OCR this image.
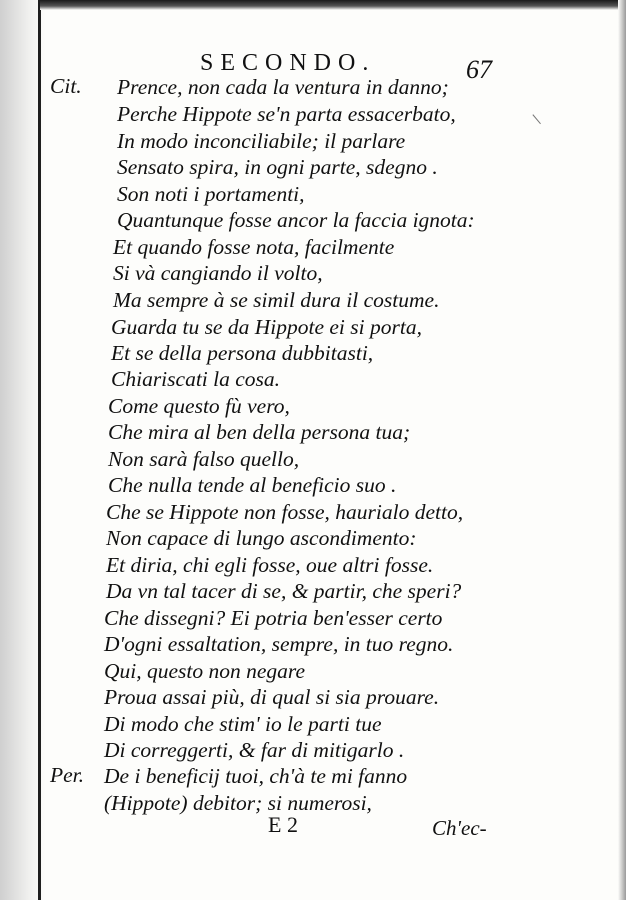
SECONDO.	67
Cit.
Per.
Prence, non cada la ventura in danno;
Perche Hippote se'n parta essacerbato,
In modo inconciliabile; il parlare
Sensato spira, in ogni parte, sdegno .
Son noti i portamenti,
Quantunque fosse ancor la faccia ignota:
Et quando fosse nota, facilmente
Si và cangiando il volto,
Ma sempre à se simil dura il costume.
Guarda tu se da Hippote ei si porta,
Et se della persona dubbitasti,
Chiariscati la cosa.
Come questo fù vero,
Che mira al ben della persona tua;
Non sarà falso quello,
Che nulla tende al beneficio suo .
Che se Hippote non fosse, haurialo detto,
Non capace di lungo ascondimento:
Et diria, chi egli fosse, oue altri fosse.
Da vn tal tacer di se, & partir, che speri?
Che dissegni? Ei potria ben'esser certo
D'ogni essaltation, sempre, in tuo regno.
Qui, questo non negare
Proua assai più, di qual si sia prouare.
Di modo che stim' io le parti tue
Di correggerti, & far di mitigarlo .
De i beneficij tuoi, ch'à te mi fanno
(Hippote) debitor; si numerosi,
E 2	Ch'ec-
